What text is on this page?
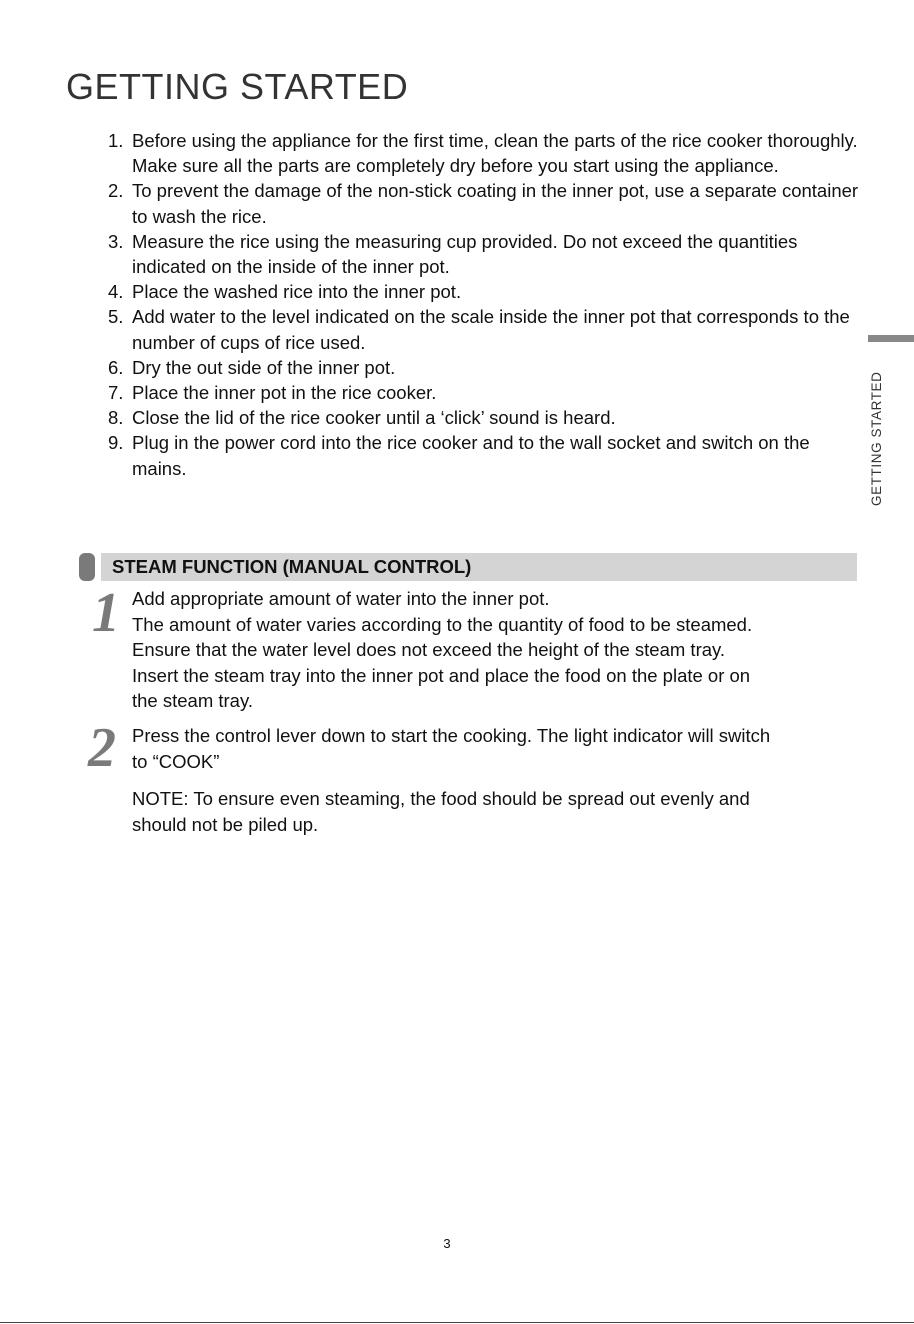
GETTING STARTED
1. Before using the appliance for the first time, clean the parts of the rice cooker thoroughly. Make sure all the parts are completely dry before you start using the appliance.
2. To prevent the damage of the non-stick coating in the inner pot, use a separate container to wash the rice.
3. Measure the rice using the measuring cup provided. Do not exceed the quantities indicated on the inside of the inner pot.
4. Place the washed rice into the inner pot.
5. Add water to the level indicated on the scale inside the inner pot that corresponds to the number of cups of rice used.
6. Dry the out side of the inner pot.
7. Place the inner pot in the rice cooker.
8. Close the lid of the rice cooker until a ‘click’ sound is heard.
9. Plug in the power cord into the rice cooker and to the wall socket and switch on the mains.	GETTING STARTED
STEAM FUNCTION (MANUAL CONTROL)
1 Add appropriate amount of water into the inner pot.

The amount of water varies according to the quantity of food to be steamed.

Ensure that the water level does not exceed the height of the steam tray.

Insert the steam tray into the inner pot and place the food on the plate or on

the steam tray.

2 Press the control lever down to start the cooking. The light indicator will switch

to “COOK”

NOTE: To ensure even steaming, the food should be spread out evenly and

should not be piled up.

3
